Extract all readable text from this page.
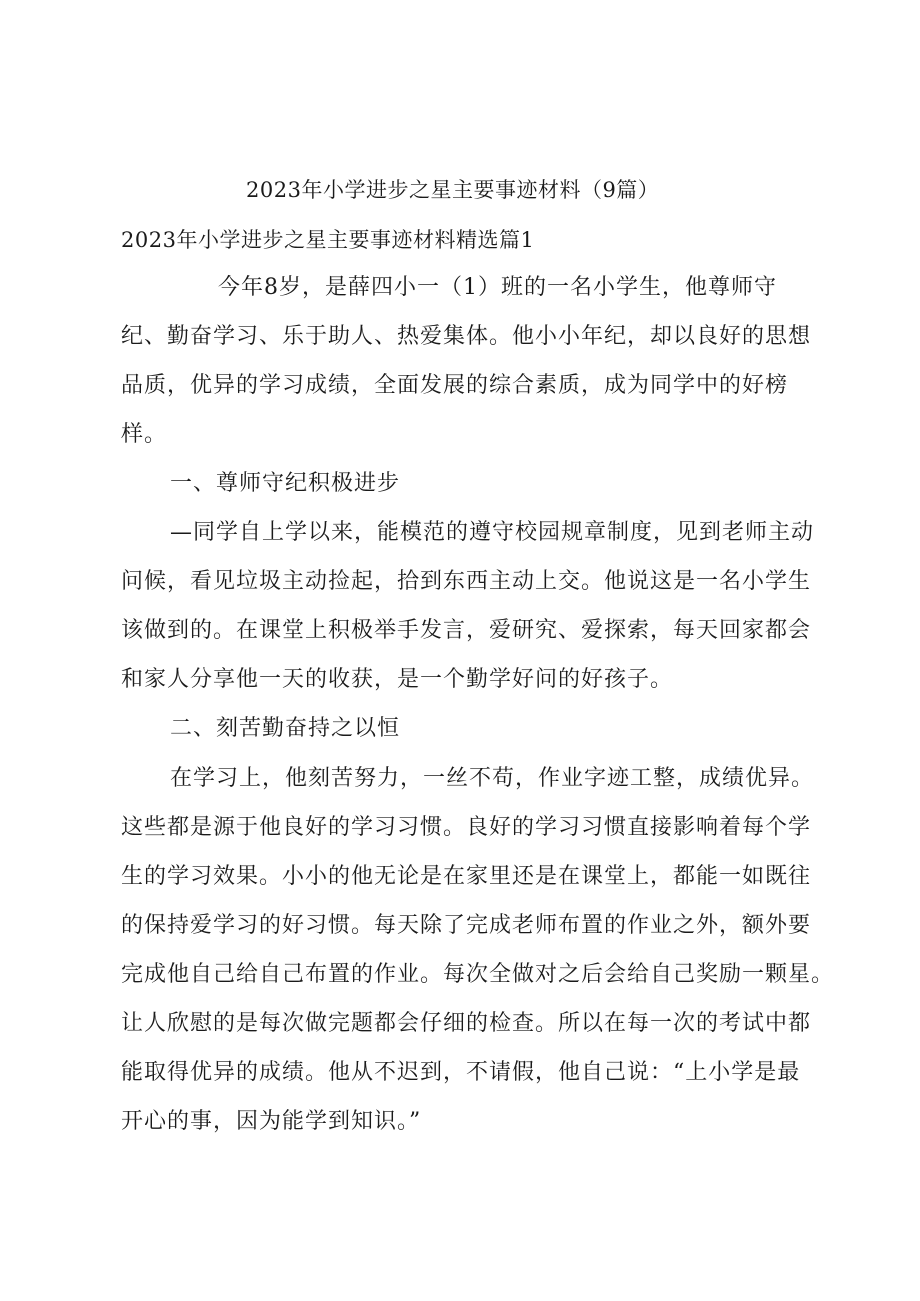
2023年小学进步之星主要事迹材料（9篇）
2023年小学进步之星主要事迹材料精选篇1
今年8岁，是薛四小一（1）班的一名小学生，他尊师守
纪、勤奋学习、乐于助人、热爱集体。他小小年纪，却以良好的思想
品质，优异的学习成绩，全面发展的综合素质，成为同学中的好榜
样。
一、尊师守纪积极进步
—同学自上学以来，能模范的遵守校园规章制度，见到老师主动
问候，看见垃圾主动捡起，拾到东西主动上交。他说这是一名小学生
该做到的。在课堂上积极举手发言，爱研究、爱探索，每天回家都会
和家人分享他一天的收获，是一个勤学好问的好孩子。
二、刻苦勤奋持之以恒
在学习上，他刻苦努力，一丝不苟，作业字迹工整，成绩优异。
这些都是源于他良好的学习习惯。良好的学习习惯直接影响着每个学
生的学习效果。小小的他无论是在家里还是在课堂上，都能一如既往
的保持爱学习的好习惯。每天除了完成老师布置的作业之外，额外要
完成他自己给自己布置的作业。每次全做对之后会给自己奖励一颗星。
让人欣慰的是每次做完题都会仔细的检查。所以在每一次的考试中都
能取得优异的成绩。他从不迟到，不请假，他自己说：“上小学是最
开心的事，因为能学到知识。”
